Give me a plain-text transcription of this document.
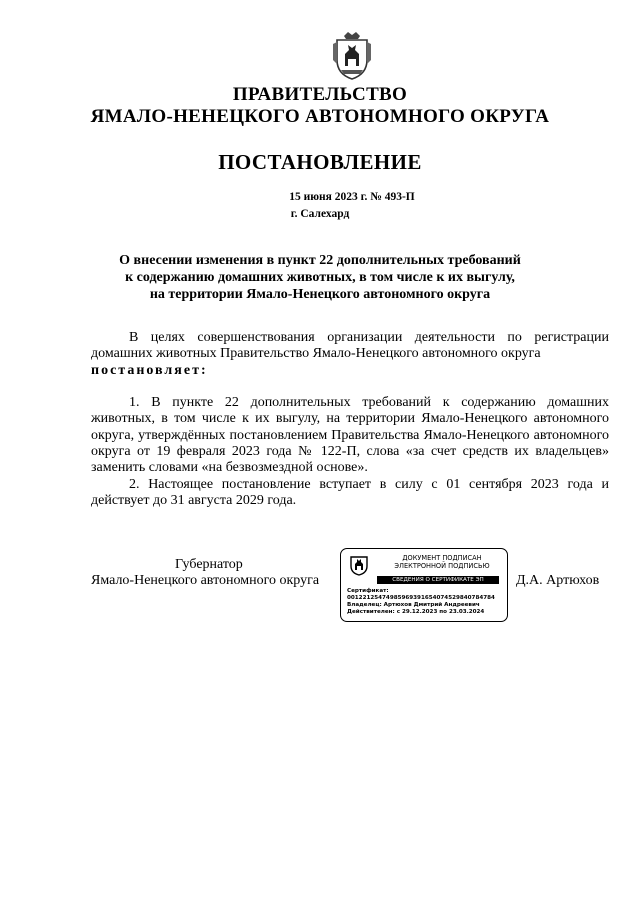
ПРАВИТЕЛЬСТВО
ЯМАЛО-НЕНЕЦКОГО АВТОНОМНОГО ОКРУГА
ПОСТАНОВЛЕНИЕ
15 июня 2023 г. № 493-П
г. Салехард
О внесении изменения в пункт 22 дополнительных требований
к содержанию домашних животных, в том числе к их выгулу,
на территории Ямало-Ненецкого автономного округа
В целях совершенствования организации деятельности по регистрации домашних животных Правительство Ямало-Ненецкого автономного округа
постановляет:
1. В пункте 22 дополнительных требований к содержанию домашних животных, в том числе к их выгулу, на территории Ямало-Ненецкого автономного округа, утверждённых постановлением Правительства Ямало-Ненецкого автономного округа от 19 февраля 2023 года № 122-П, слова «за счет средств их владельцев» заменить словами «на безвозмездной основе».
2. Настоящее постановление вступает в силу с 01 сентября 2023 года и действует до 31 августа 2029 года.
Губернатор
Ямало-Ненецкого автономного округа	Д.А. Артюхов
ДОКУМЕНТ ПОДПИСАН
ЭЛЕКТРОННОЙ ПОДПИСЬЮ
СВЕДЕНИЯ О СЕРТИФИКАТЕ ЭП
Сертификат:
00122125474985969391654074529840784784
Владелец: Артюхов Дмитрий Андреевич
Действителен: с 29.12.2023 по 23.03.2024
